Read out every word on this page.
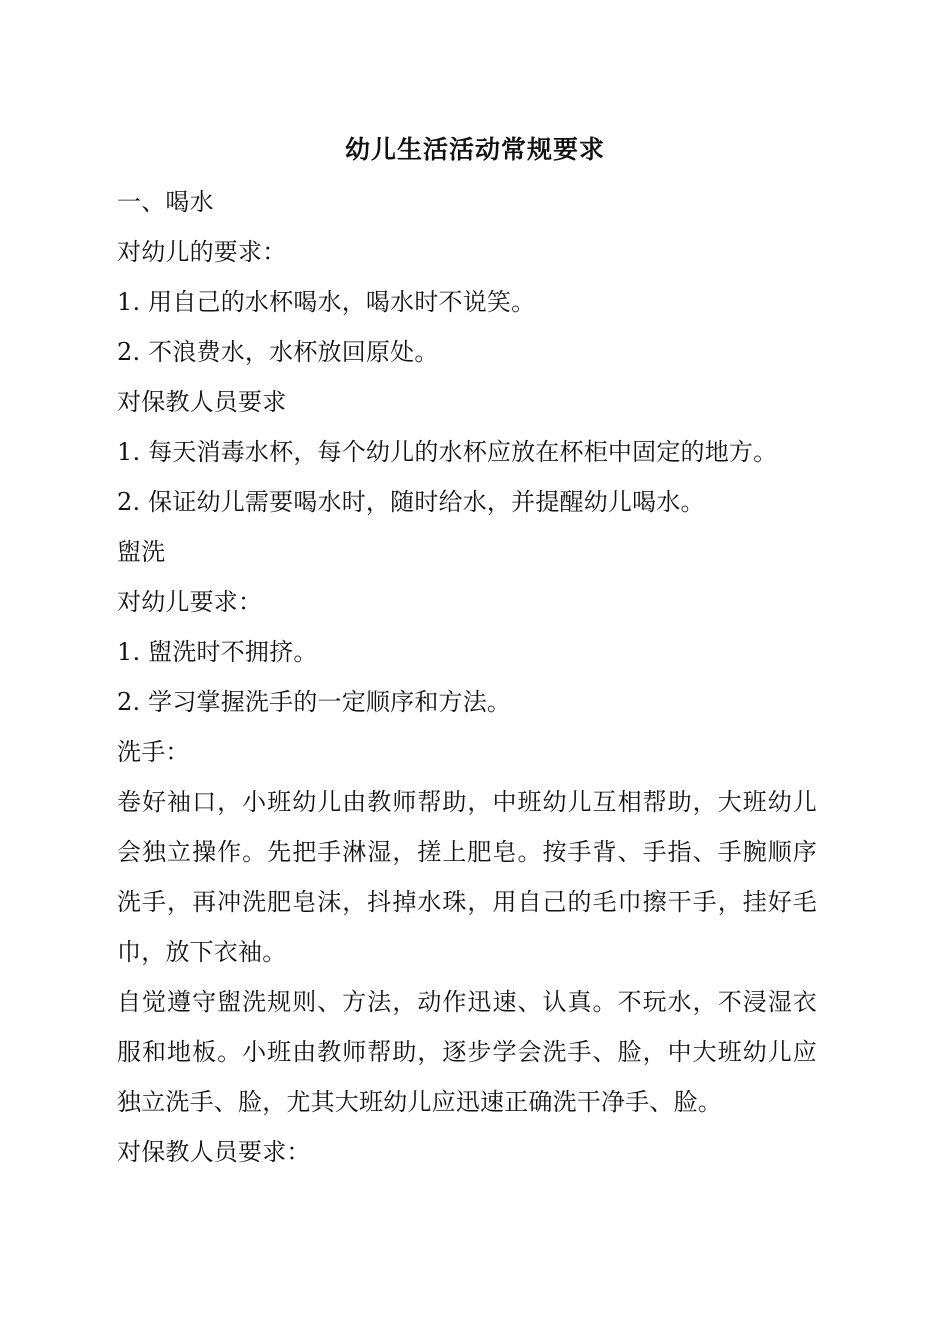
幼儿生活活动常规要求
一、喝水
对幼儿的要求：
1. 用自己的水杯喝水，喝水时不说笑。
2. 不浪费水，水杯放回原处。
对保教人员要求
1. 每天消毒水杯，每个幼儿的水杯应放在杯柜中固定的地方。
2. 保证幼儿需要喝水时，随时给水，并提醒幼儿喝水。
盥洗
对幼儿要求：
1. 盥洗时不拥挤。
2. 学习掌握洗手的一定顺序和方法。
洗手：
卷好袖口，小班幼儿由教师帮助，中班幼儿互相帮助，大班幼儿会独立操作。先把手淋湿，搓上肥皂。按手背、手指、手腕顺序洗手，再冲洗肥皂沫，抖掉水珠，用自己的毛巾擦干手，挂好毛巾，放下衣袖。
自觉遵守盥洗规则、方法，动作迅速、认真。不玩水，不浸湿衣服和地板。小班由教师帮助，逐步学会洗手、脸，中大班幼儿应独立洗手、脸，尤其大班幼儿应迅速正确洗干净手、脸。
对保教人员要求：
